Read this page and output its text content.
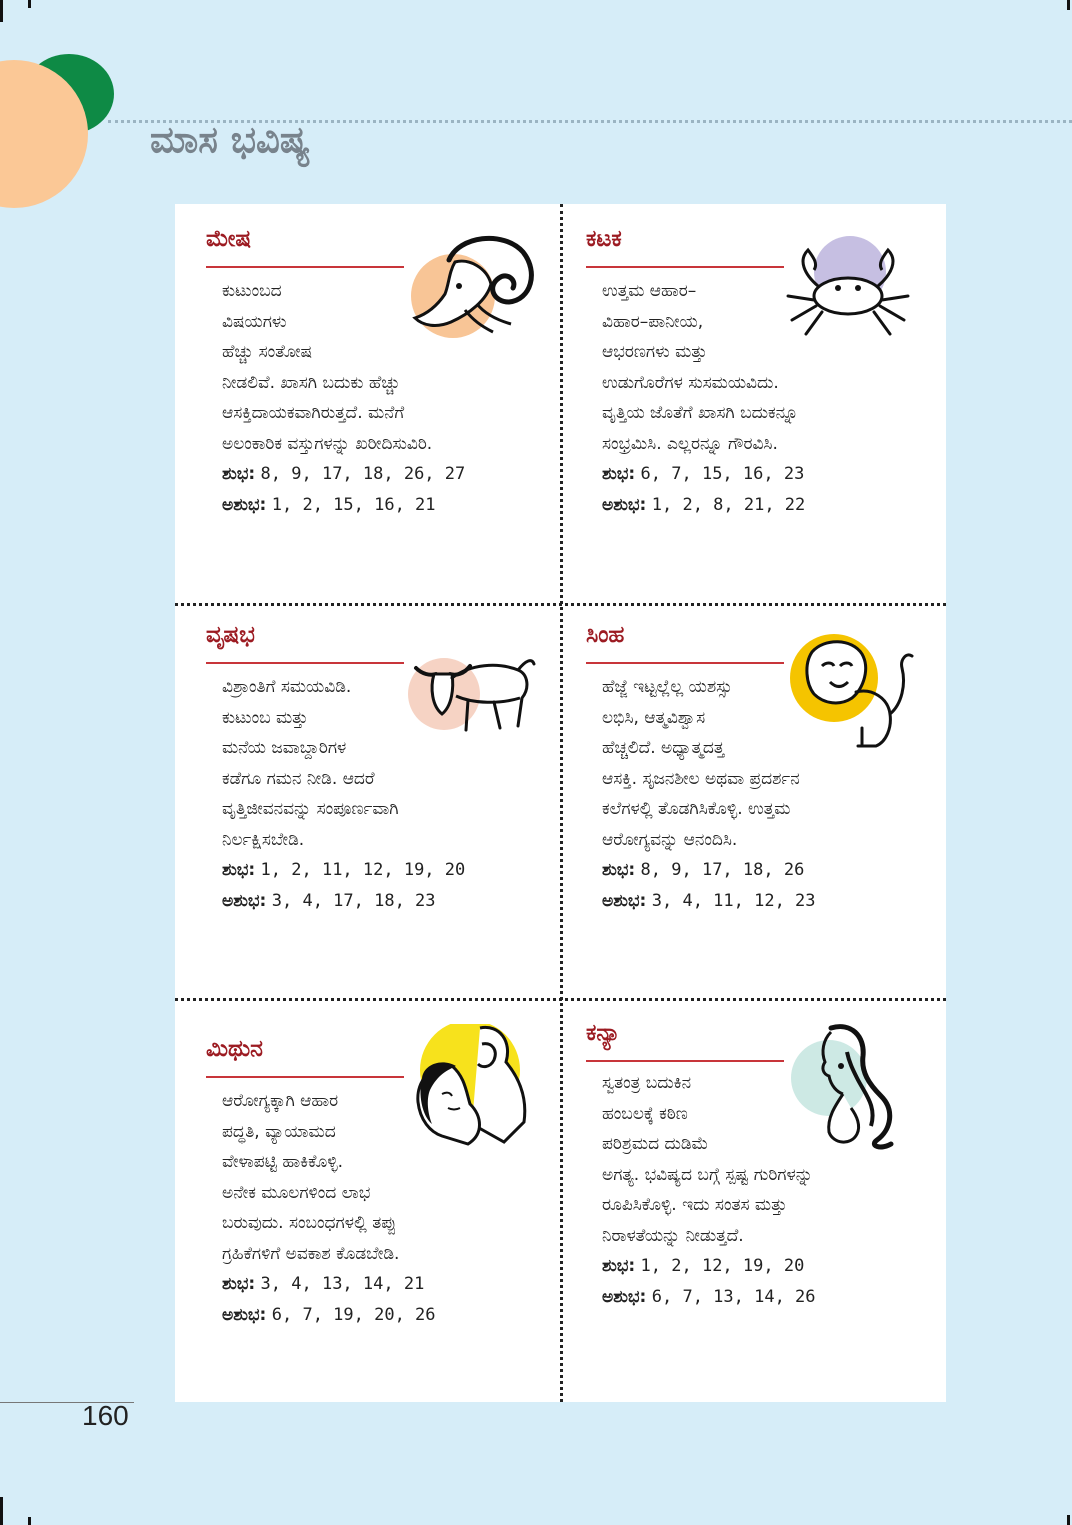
ಮಾಸ ಭವಿಷ್ಯ
ಮೇಷ
ಕುಟುಂಬದ
ವಿಷಯಗಳು
ಹೆಚ್ಚು ಸಂತೋಷ
ನೀಡಲಿವೆ. ಖಾಸಗಿ ಬದುಕು ಹೆಚ್ಚು
ಆಸಕ್ತಿದಾಯಕವಾಗಿರುತ್ತದೆ. ಮನೆಗೆ
ಅಲಂಕಾರಿಕ ವಸ್ತುಗಳನ್ನು ಖರೀದಿಸುವಿರಿ.
ಶುಭ: 8, 9, 17, 18, 26, 27
ಅಶುಭ: 1, 2, 15, 16, 21
ಕಟಕ
ಉತ್ತಮ ಆಹಾರ–
ವಿಹಾರ–ಪಾನೀಯ,
ಆಭರಣಗಳು ಮತ್ತು
ಉಡುಗೊರೆಗಳ ಸುಸಮಯವಿದು.
ವೃತ್ತಿಯ ಜೊತೆಗೆ ಖಾಸಗಿ ಬದುಕನ್ನೂ
ಸಂಭ್ರಮಿಸಿ. ಎಲ್ಲರನ್ನೂ ಗೌರವಿಸಿ.
ಶುಭ: 6, 7, 15, 16, 23
ಅಶುಭ: 1, 2, 8, 21, 22
ವೃಷಭ
ವಿಶ್ರಾಂತಿಗೆ ಸಮಯವಿಡಿ.
ಕುಟುಂಬ ಮತ್ತು
ಮನೆಯ ಜವಾಬ್ದಾರಿಗಳ
ಕಡೆಗೂ ಗಮನ ನೀಡಿ. ಆದರೆ
ವೃತ್ತಿಜೀವನವನ್ನು ಸಂಪೂರ್ಣವಾಗಿ
ನಿರ್ಲಕ್ಷಿಸಬೇಡಿ.
ಶುಭ: 1, 2, 11, 12, 19, 20
ಅಶುಭ: 3, 4, 17, 18, 23
ಸಿಂಹ
ಹೆಜ್ಜೆ ಇಟ್ಟಲ್ಲೆಲ್ಲ ಯಶಸ್ಸು
ಲಭಿಸಿ, ಆತ್ಮವಿಶ್ವಾಸ
ಹೆಚ್ಚಲಿದೆ. ಅಧ್ಯಾತ್ಮದತ್ತ
ಆಸಕ್ತಿ. ಸೃಜನಶೀಲ ಅಥವಾ ಪ್ರದರ್ಶನ
ಕಲೆಗಳಲ್ಲಿ ತೊಡಗಿಸಿಕೊಳ್ಳಿ. ಉತ್ತಮ
ಆರೋಗ್ಯವನ್ನು ಆನಂದಿಸಿ.
ಶುಭ: 8, 9, 17, 18, 26
ಅಶುಭ: 3, 4, 11, 12, 23
ಮಿಥುನ
ಆರೋಗ್ಯಕ್ಕಾಗಿ ಆಹಾರ
ಪದ್ಧತಿ, ವ್ಯಾಯಾಮದ
ವೇಳಾಪಟ್ಟಿ ಹಾಕಿಕೊಳ್ಳಿ.
ಅನೇಕ ಮೂಲಗಳಿಂದ ಲಾಭ
ಬರುವುದು. ಸಂಬಂಧಗಳಲ್ಲಿ ತಪ್ಪು
ಗ್ರಹಿಕೆಗಳಿಗೆ ಅವಕಾಶ ಕೊಡಬೇಡಿ.
ಶುಭ: 3, 4, 13, 14, 21
ಅಶುಭ: 6, 7, 19, 20, 26
ಕನ್ಯಾ
ಸ್ವತಂತ್ರ ಬದುಕಿನ
ಹಂಬಲಕ್ಕೆ ಕಠಿಣ
ಪರಿಶ್ರಮದ ದುಡಿಮೆ
ಅಗತ್ಯ. ಭವಿಷ್ಯದ ಬಗ್ಗೆ ಸ್ಪಷ್ಟ ಗುರಿಗಳನ್ನು
ರೂಪಿಸಿಕೊಳ್ಳಿ. ಇದು ಸಂತಸ ಮತ್ತು
ನಿರಾಳತೆಯನ್ನು ನೀಡುತ್ತದೆ.
ಶುಭ: 1, 2, 12, 19, 20
ಅಶುಭ: 6, 7, 13, 14, 26

160
